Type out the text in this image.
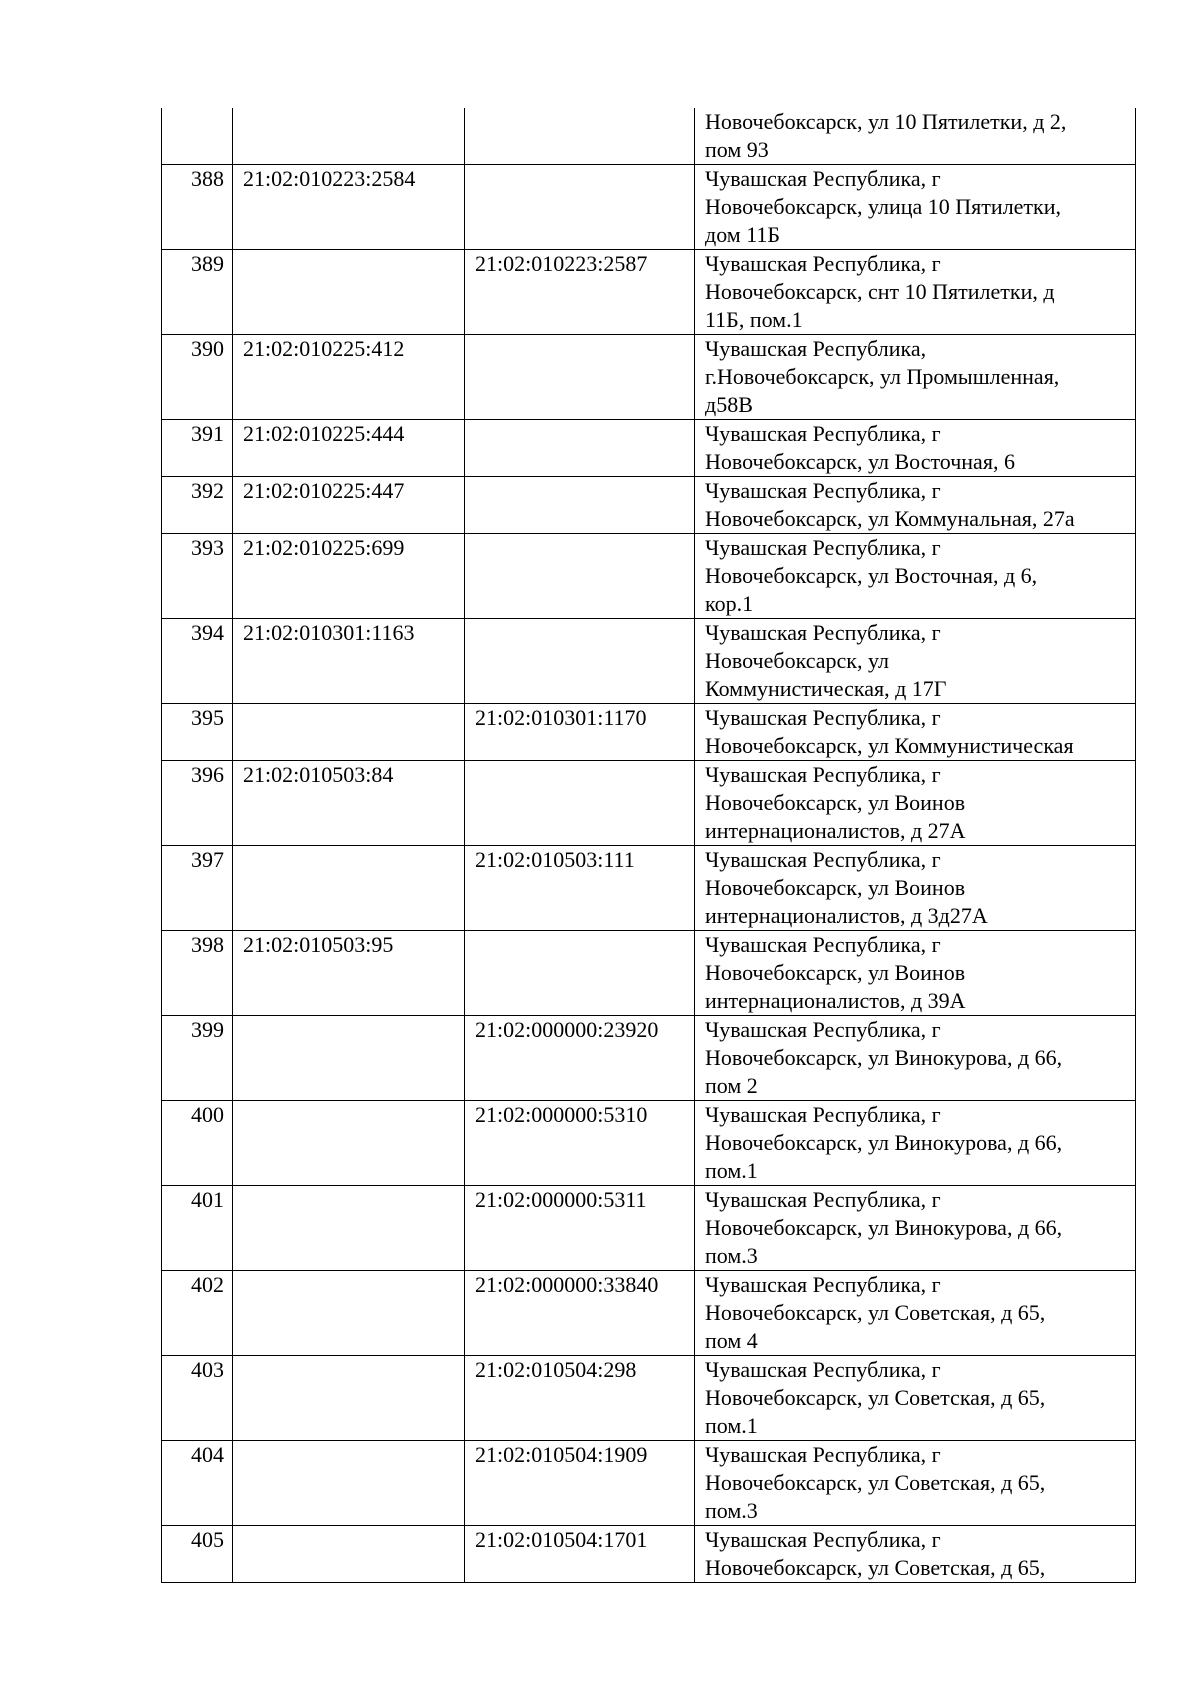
			Новочебоксарск, ул 10 Пятилетки, д 2,
пом 93
388	21:02:010223:2584		Чувашская Республика, г
Новочебоксарск, улица 10 Пятилетки,
дом 11Б
389		21:02:010223:2587	Чувашская Республика, г
Новочебоксарск, снт 10 Пятилетки, д
11Б, пом.1
390	21:02:010225:412		Чувашская Республика,
г.Новочебоксарск, ул Промышленная,
д58В
391	21:02:010225:444		Чувашская Республика, г
Новочебоксарск, ул Восточная, 6
392	21:02:010225:447		Чувашская Республика, г
Новочебоксарск, ул Коммунальная, 27а
393	21:02:010225:699		Чувашская Республика, г
Новочебоксарск, ул Восточная, д 6,
кор.1
394	21:02:010301:1163		Чувашская Республика, г
Новочебоксарск, ул
Коммунистическая, д 17Г
395		21:02:010301:1170	Чувашская Республика, г
Новочебоксарск, ул Коммунистическая
396	21:02:010503:84		Чувашская Республика, г
Новочебоксарск, ул Воинов
интернационалистов, д 27А
397		21:02:010503:111	Чувашская Республика, г
Новочебоксарск, ул Воинов
интернационалистов, д 3д27А
398	21:02:010503:95		Чувашская Республика, г
Новочебоксарск, ул Воинов
интернационалистов, д 39А
399		21:02:000000:23920	Чувашская Республика, г
Новочебоксарск, ул Винокурова, д 66,
пом 2
400		21:02:000000:5310	Чувашская Республика, г
Новочебоксарск, ул Винокурова, д 66,
пом.1
401		21:02:000000:5311	Чувашская Республика, г
Новочебоксарск, ул Винокурова, д 66,
пом.3
402		21:02:000000:33840	Чувашская Республика, г
Новочебоксарск, ул Советская, д 65,
пом 4
403		21:02:010504:298	Чувашская Республика, г
Новочебоксарск, ул Советская, д 65,
пом.1
404		21:02:010504:1909	Чувашская Республика, г
Новочебоксарск, ул Советская, д 65,
пом.3
405		21:02:010504:1701	Чувашская Республика, г
Новочебоксарск, ул Советская, д 65,
